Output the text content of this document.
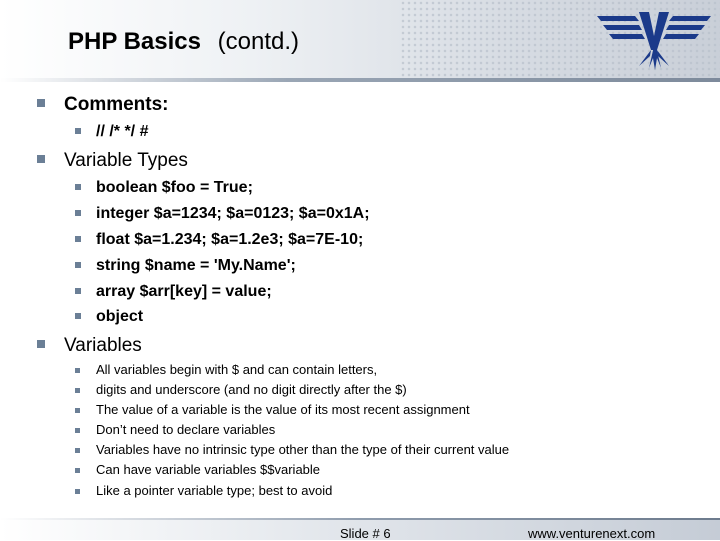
PHP Basics (contd.)
Comments:
// /* */ #
Variable Types
boolean $foo = True;
integer $a=1234; $a=0123; $a=0x1A;
float $a=1.234; $a=1.2e3; $a=7E-10;
string $name = 'My.Name';
array $arr[key] = value;
object
Variables
All variables begin with $ and can contain letters,
digits and underscore (and no digit directly after the $)
The value of a variable is the value of its most recent assignment
Don’t need to declare variables
Variables have no intrinsic type other than the type of their current value
Can have variable variables $$variable
Like a pointer variable type; best to avoid
Slide # 6	www.venturenext.com
